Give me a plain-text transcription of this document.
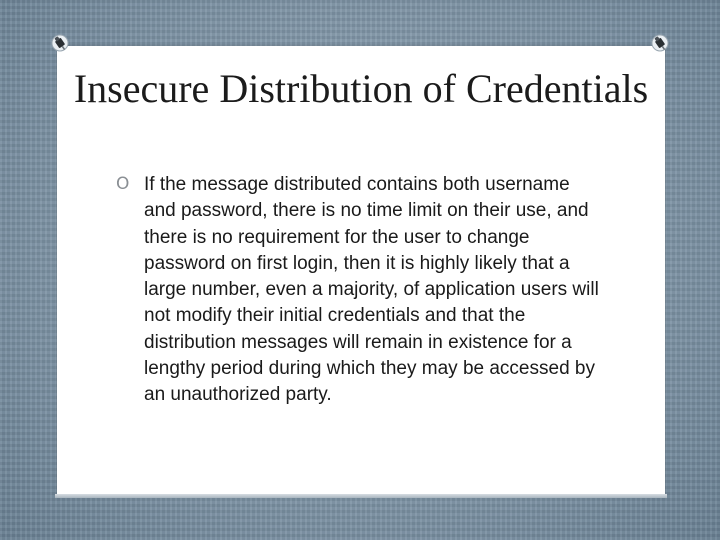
Insecure Distribution of Credentials
O If the message distributed contains both username and password, there is no time limit on their use, and there is no requirement for the user to change password on first login, then it is highly likely that a large number, even a majority, of application users will not modify their initial credentials and that the distribution messages will remain in existence for a lengthy period during which they may be accessed by an unauthorized party.
